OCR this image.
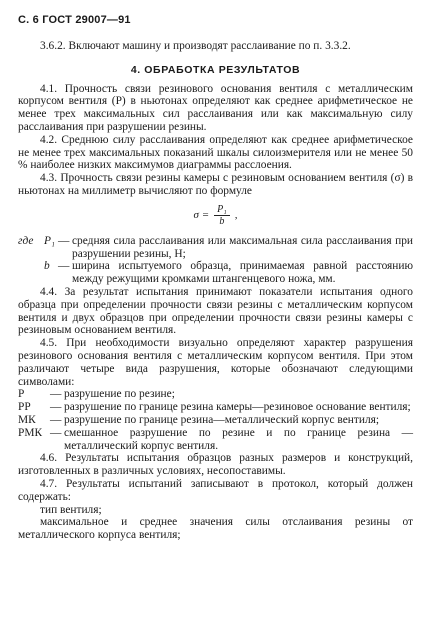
С. 6 ГОСТ 29007—91

3.6.2. Включают машину и производят расслаивание по п. 3.3.2.

4. ОБРАБОТКА РЕЗУЛЬТАТОВ

4.1. Прочность связи резинового основания вентиля с металлическим корпусом вентиля (P) в ньютонах определяют как среднее арифметическое не менее трех максимальных сил расслаивания или как максимальную силу расслаивания при разрушении резины.

4.2. Среднюю силу расслаивания определяют как среднее арифметическое не менее трех максимальных показаний шкалы силоизмерителя или не менее 50 % наиболее низких максимумов диаграммы расслоения.

4.3. Прочность связи резины камеры с резиновым основанием вентиля (σ) в ньютонах на миллиметр вычисляют по формуле

$\sigma = \frac{\text{P₁}}{b}$ ,
где P₁ — средняя сила расслаивания или максимальная сила расслаивания при разрушении резины, Н;
b — ширина испытуемого образца, принимаемая равной расстоянию между режущими кромками штангенцевого ножа, мм.

4.4. За результат испытания принимают показатели испытания одного образца при определении прочности связи резины с металлическим корпусом вентиля и двух образцов при определении прочности связи резины камеры с резиновым основанием вентиля.

4.5. При необходимости визуально определяют характер разрушения резинового основания вентиля с металлическим корпусом вентиля. При этом различают четыре вида разрушения, которые обозначают следующими символами:

Р	— разрушение по резине;
РР	— разрушение по границе резина камеры—резиновое основание вентиля;
МК	— разрушение по границе резина—металлический корпус вентиля;
РМК — смешанное разрушение по резине и по границе резина — металлический корпус вентиля.

4.6. Результаты испытания образцов разных размеров и конструкций, изготовленных в различных условиях, несопоставимы.

4.7. Результаты испытаний записывают в протокол, который должен содержать:

тип вентиля;

максимальное и среднее значения силы отслаивания резины от металлического корпуса вентиля;
